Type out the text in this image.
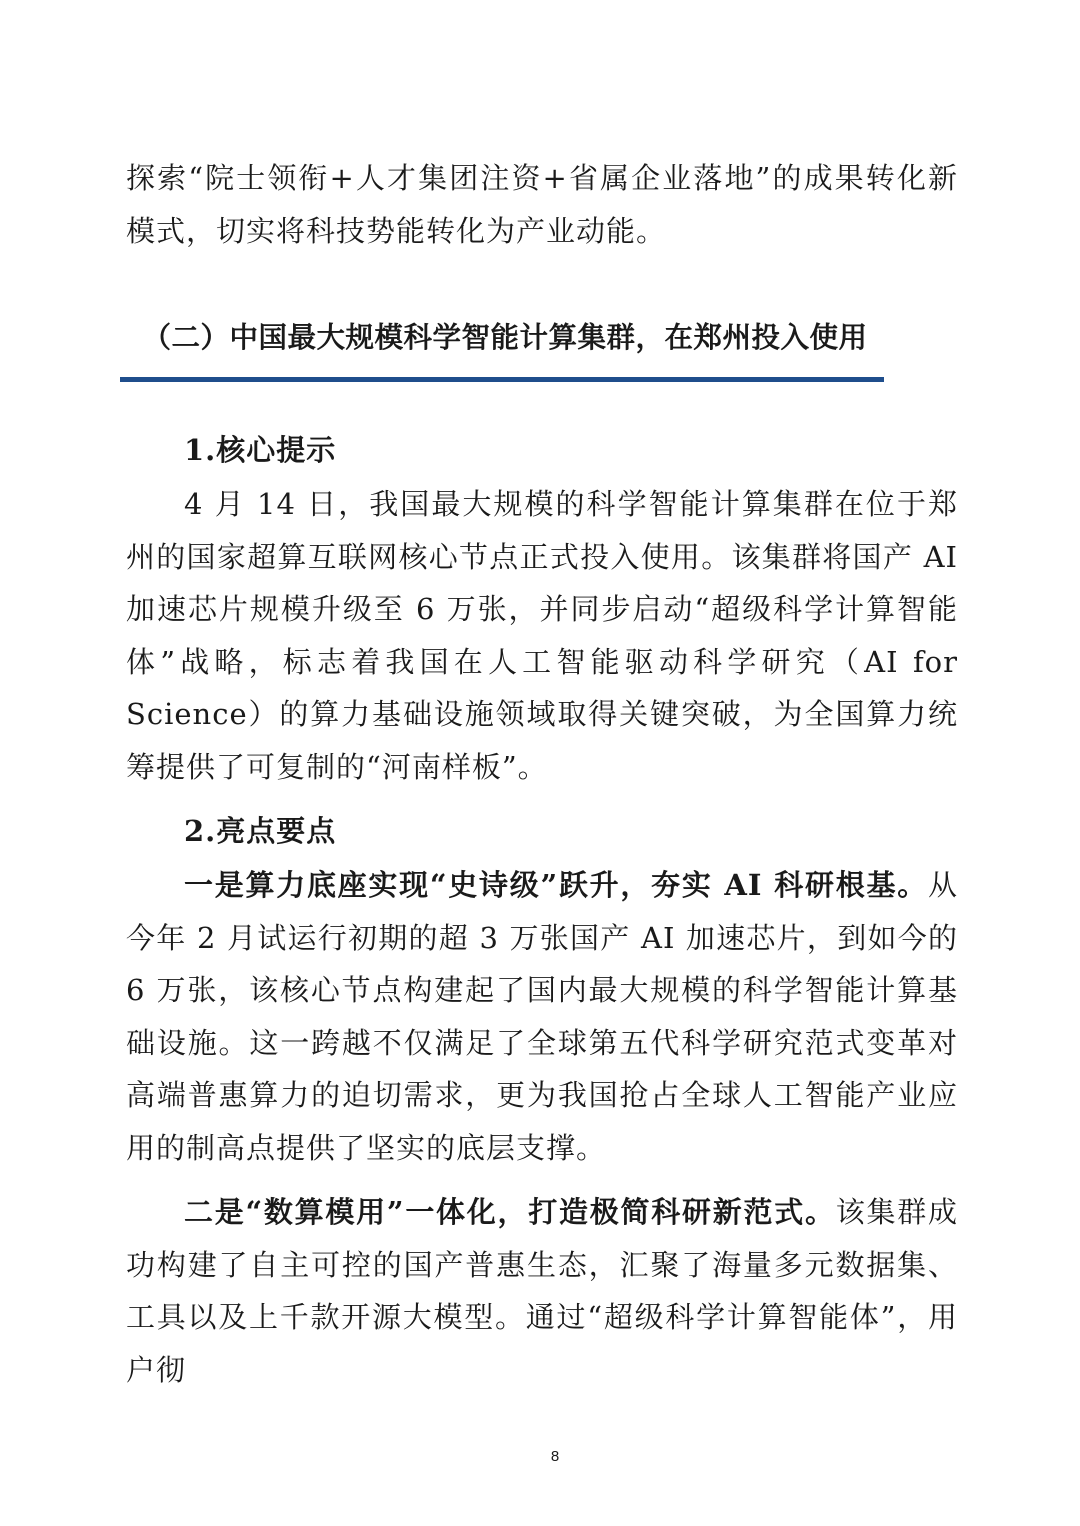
探索“院士领衔+人才集团注资+省属企业落地”的成果转化新模式，切实将科技势能转化为产业动能。

（二）中国最大规模科学智能计算集群，在郑州投入使用
1.核心提示

4 月 14 日，我国最大规模的科学智能计算集群在位于郑州的国家超算互联网核心节点正式投入使用。该集群将国产 AI 加速芯片规模升级至 6 万张，并同步启动“超级科学计算智能体”战略，标志着我国在人工智能驱动科学研究（AI for Science）的算力基础设施领域取得关键突破，为全国算力统筹提供了可复制的“河南样板”。

2.亮点要点

一是算力底座实现“史诗级”跃升，夯实 AI 科研根基。从今年 2 月试运行初期的超 3 万张国产 AI 加速芯片，到如今的 6 万张，该核心节点构建起了国内最大规模的科学智能计算基础设施。这一跨越不仅满足了全球第五代科学研究范式变革对高端普惠算力的迫切需求，更为我国抢占全球人工智能产业应用的制高点提供了坚实的底层支撑。

二是“数算模用”一体化，打造极简科研新范式。该集群成功构建了自主可控的国产普惠生态，汇聚了海量多元数据集、工具以及上千款开源大模型。通过“超级科学计算智能体”，用户彻

8
